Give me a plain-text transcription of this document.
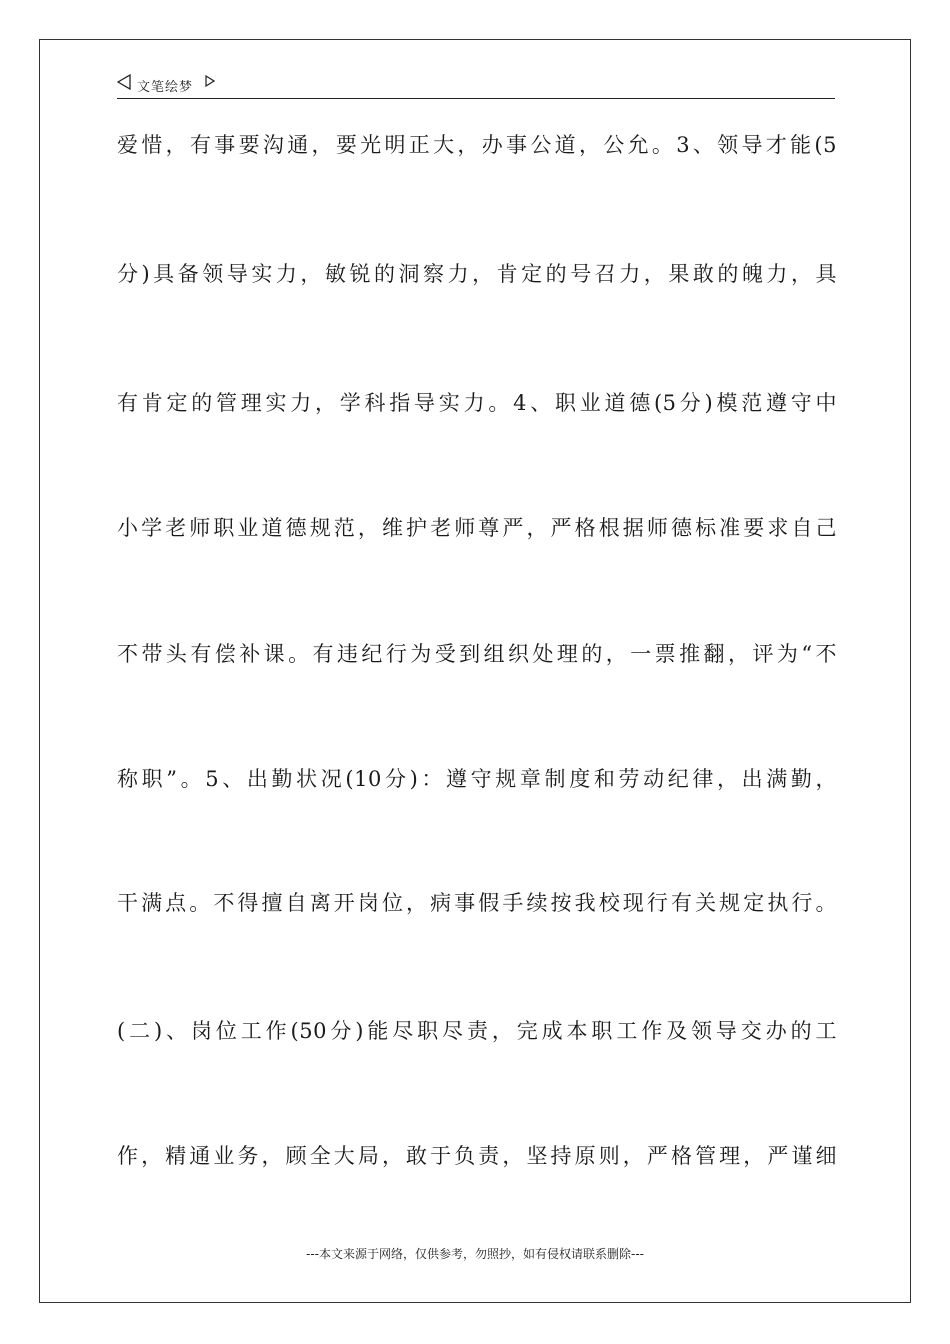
文笔绘梦
爱惜，有事要沟通，要光明正大，办事公道，公允。3、领导才能(5
分)具备领导实力，敏锐的洞察力，肯定的号召力，果敢的魄力，具
有肯定的管理实力，学科指导实力。4、职业道德(5分)模范遵守中
小学老师职业道德规范，维护老师尊严，严格根据师德标准要求自己
不带头有偿补课。有违纪行为受到组织处理的，一票推翻，评为“不
称职”。5、出勤状况(10分)：遵守规章制度和劳动纪律，出满勤，
干满点。不得擅自离开岗位，病事假手续按我校现行有关规定执行。
(二)、岗位工作(50分)能尽职尽责，完成本职工作及领导交办的工
作，精通业务，顾全大局，敢于负责，坚持原则，严格管理，严谨细
---本文来源于网络，仅供参考，勿照抄，如有侵权请联系删除---
